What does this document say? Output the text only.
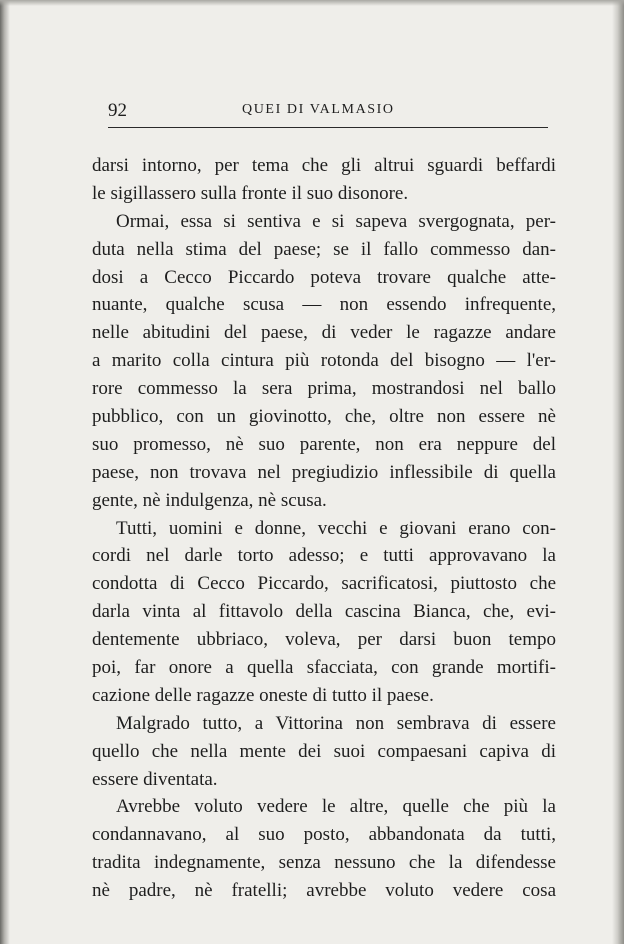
92	QUEI DI VALMASIO
darsi intorno, per tema che gli altrui sguardi beffardi
le sigillassero sulla fronte il suo disonore.
Ormai, essa si sentiva e si sapeva svergognata, per-
duta nella stima del paese; se il fallo commesso dan-
dosi a Cecco Piccardo poteva trovare qualche atte-
nuante, qualche scusa — non essendo infrequente,
nelle abitudini del paese, di veder le ragazze andare
a marito colla cintura più rotonda del bisogno — l'er-
rore commesso la sera prima, mostrandosi nel ballo
pubblico, con un giovinotto, che, oltre non essere nè
suo promesso, nè suo parente, non era neppure del
paese, non trovava nel pregiudizio inflessibile di quella
gente, nè indulgenza, nè scusa.
Tutti, uomini e donne, vecchi e giovani erano con-
cordi nel darle torto adesso; e tutti approvavano la
condotta di Cecco Piccardo, sacrificatosi, piuttosto che
darla vinta al fittavolo della cascina Bianca, che, evi-
dentemente ubbriaco, voleva, per darsi buon tempo
poi, far onore a quella sfacciata, con grande mortifi-
cazione delle ragazze oneste di tutto il paese.
Malgrado tutto, a Vittorina non sembrava di essere
quello che nella mente dei suoi compaesani capiva di
essere diventata.
Avrebbe voluto vedere le altre, quelle che più la
condannavano, al suo posto, abbandonata da tutti,
tradita indegnamente, senza nessuno che la difendesse
nè padre, nè fratelli; avrebbe voluto vedere cosa
